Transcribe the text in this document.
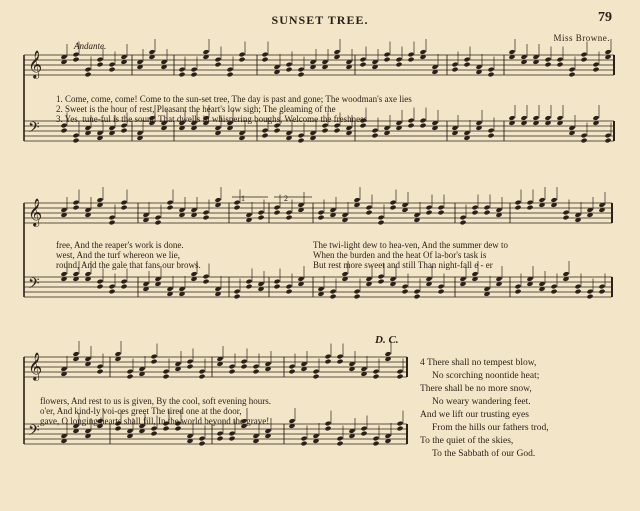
SUNSET TREE.	79
Miss Browne.
Andante.
D. C.
𝄞
𝄢
𝄞
𝄢
𝄞
𝄢
1	2
1. Come, come, come! Come to the sun-set tree, The day is past and gone; The woodman's axe lies
2. Sweet is the hour of rest, Pleasant the heart's low sigh; The gleaming of the
3. Yes, tune-ful is the sound That dwells in whispering boughs, Welcome the freshness
free, And the reaper's work is done.	The twi-light dew to hea-ven, And the summer dew to
west, And the turf whereon we lie,	When the burden and the heat Of la-bor's task is
round, And the gale that fans our brows.	But rest more sweet and still Than night-fall e - er
flowers, And rest to us is given, By the cool, soft evening hours.
o'er, And kind-ly voi-ces greet The tired one at the door,
gave, O longing hearts shall fill, In the world beyond the grave!
4 There shall no tempest blow,
No scorching noontide heat;
There shall be no more snow,
No weary wandering feet.
And we lift our trusting eyes
From the hills our fathers trod,
To the quiet of the skies,
To the Sabbath of our God.
